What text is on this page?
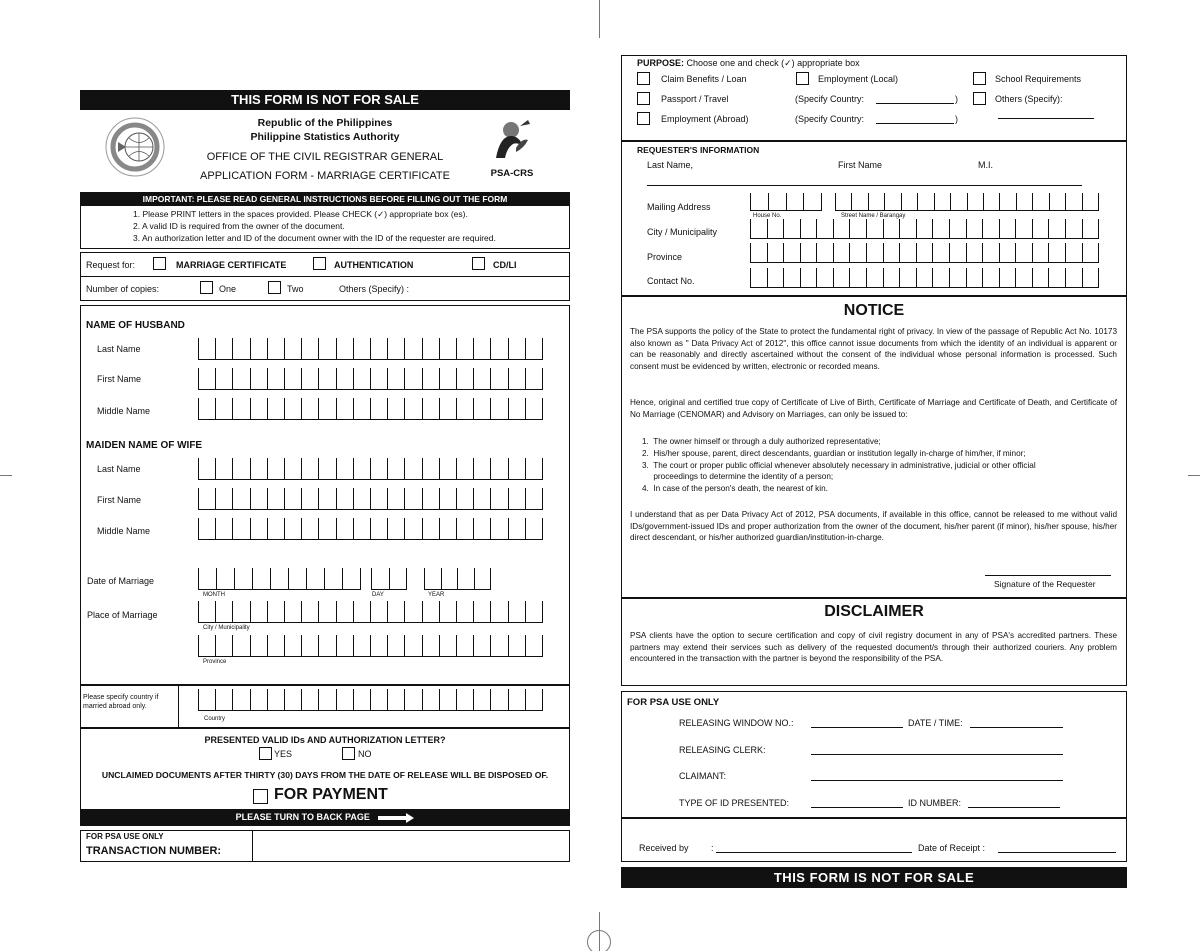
THIS FORM IS NOT FOR SALE
Republic of the Philippines
Philippine Statistics Authority
OFFICE OF THE CIVIL REGISTRAR GENERAL
APPLICATION FORM - MARRIAGE CERTIFICATE	PSA-CRS
IMPORTANT: PLEASE READ GENERAL INSTRUCTIONS BEFORE FILLING OUT THE FORM
1. Please PRINT letters in the spaces provided. Please CHECK (✓) appropriate box (es).
2. A valid ID is required from the owner of the document.
3. An authorization letter and ID of the document owner with the ID of the requester are required.
Request for:	MARRIAGE CERTIFICATE	AUTHENTICATION	CD/LI
Number of copies:	One	Two	Others (Specify) :
NAME OF HUSBAND
Last Name
First Name
Middle Name
MAIDEN NAME OF WIFE
Last Name
First Name
Middle Name
Date of Marriage
MONTH	DAY	YEAR
Place of Marriage
City / Municipality
Province
Please specify country if married abroad only.
Country
PRESENTED VALID IDs AND AUTHORIZATION LETTER?
YES	NO
UNCLAIMED DOCUMENTS AFTER THIRTY (30) DAYS FROM THE DATE OF RELEASE WILL BE DISPOSED OF.
FOR PAYMENT
PLEASE TURN TO BACK PAGE
FOR PSA USE ONLY
TRANSACTION NUMBER:
PURPOSE: Choose one and check (✓) appropriate box
Claim Benefits / Loan	Employment (Local)	School Requirements
Passport / Travel	(Specify Country:	)	Others (Specify):
Employment (Abroad)	(Specify Country:	)
REQUESTER'S INFORMATION
Last Name,	First Name	M.I.
Mailing Address
House No.	Street Name / Barangay
City / Municipality
Province
Contact No.
NOTICE
The PSA supports the policy of the State to protect the fundamental right of privacy. In view of the passage of Republic Act No. 10173 also known as " Data Privacy Act of 2012", this office cannot issue documents from which the identity of an individual is apparent or can be reasonably and directly ascertained without the consent of the individual whose personal information is processed. Such consent must be evidenced by written, electronic or recorded means.
Hence, original and certified true copy of Certificate of Live of Birth, Certificate of Marriage and Certificate of Death, and Certificate of No Marriage (CENOMAR) and Advisory on Marriages, can only be issued to:
1.  The owner himself or through a duly authorized representative;
2.  His/her spouse, parent, direct descendants, guardian or institution legally in-charge of him/her, if minor;
3.  The court or proper public official whenever absolutely necessary in administrative, judicial or other official
proceedings to determine the identity of a person;
4.  In case of the person's death, the nearest of kin.
I understand that as per Data Privacy Act of 2012, PSA documents, if available in this office, cannot be released to me without valid IDs/government-issued IDs and proper authorization from the owner of the document, his/her parent (if minor), his/her spouse, his/her direct descendant, or his/her authorized guardian/institution-in-charge.
Signature of the Requester
DISCLAIMER
PSA clients have the option to secure certification and copy of civil registry document in any of PSA's accredited partners. These partners may extend their services such as delivery of the requested document/s through their authorized couriers. Any problem encountered in the transaction with the partner is beyond the responsibility of the PSA.
FOR PSA USE ONLY
RELEASING WINDOW NO.:	DATE / TIME:
RELEASING CLERK:
CLAIMANT:
TYPE OF ID PRESENTED:	ID NUMBER:
Received by :	Date of Receipt :
THIS FORM IS NOT FOR SALE
